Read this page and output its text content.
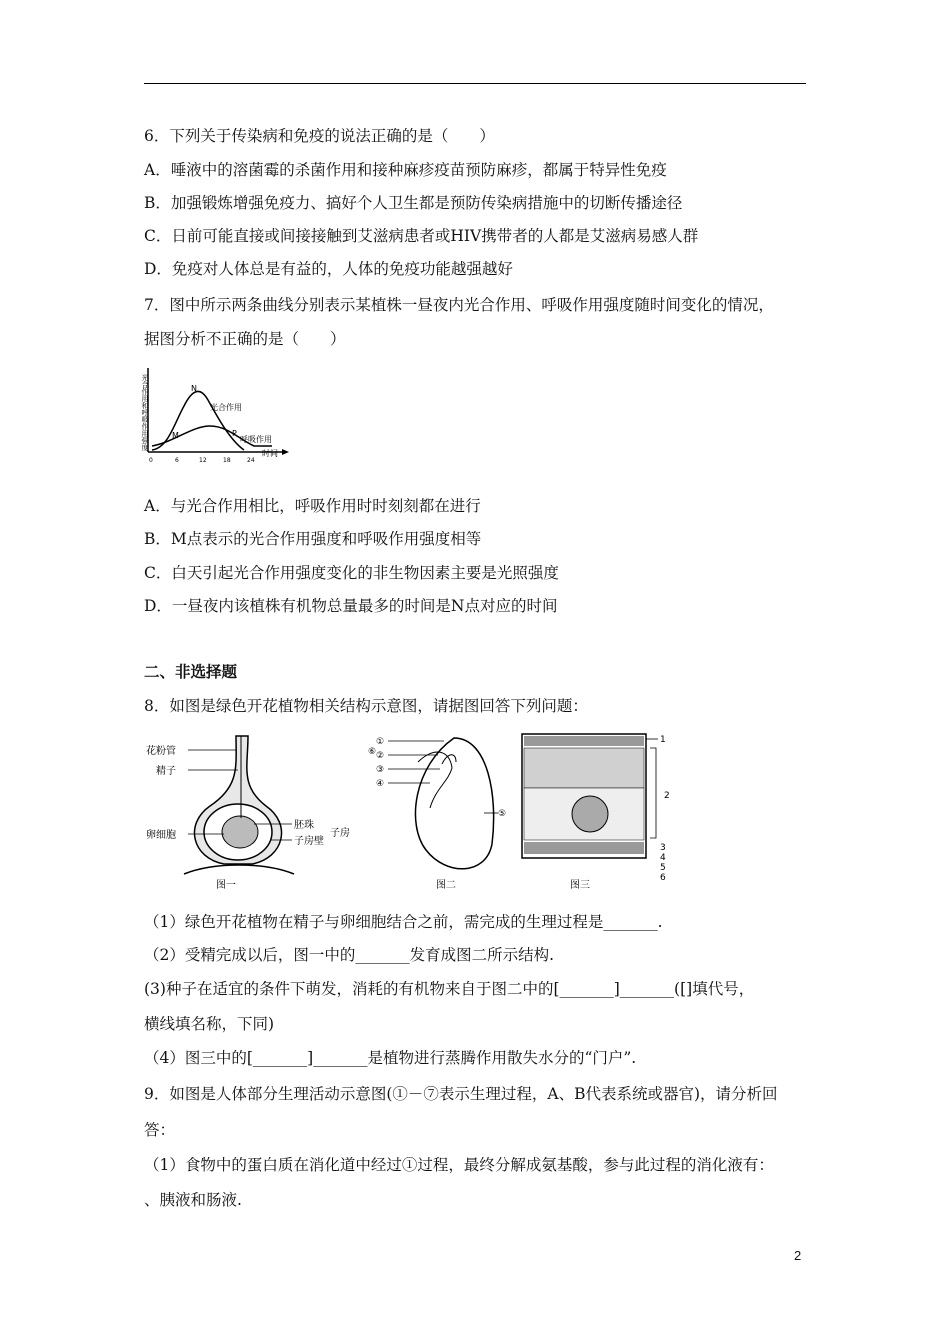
6．下列关于传染病和免疫的说法正确的是（　　）
A．唾液中的溶菌霉的杀菌作用和接种麻疹疫苗预防麻疹，都属于特异性免疫
B．加强锻炼增强免疫力、搞好个人卫生都是预防传染病措施中的切断传播途径
C．日前可能直接或间接接触到艾滋病患者或HIV携带者的人都是艾滋病易感人群
D．免疫对人体总是有益的，人体的免疫功能越强越好
7．图中所示两条曲线分别表示某植株一昼夜内光合作用、呼吸作用强度随时间变化的情况，
据图分析不正确的是（　　）
光合作用和呼吸作用强度	M
N
P
光合作用
呼吸作用
时间
0	6	12	18	24
A．与光合作用相比，呼吸作用时时刻刻都在进行
B．M点表示的光合作用强度和呼吸作用强度相等
C．白天引起光合作用强度变化的非生物因素主要是光照强度
D．一昼夜内该植株有机物总量最多的时间是N点对应的时间
二、非选择题
8．如图是绿色开花植物相关结构示意图，请据图回答下列问题：
花粉管
精子
卵细胞
胚珠
子房壁
子房
图一
①
②
③
④
⑤
⑥
图二
1
2
3
4
5
6
图三
（1）绿色开花植物在精子与卵细胞结合之前，需完成的生理过程是_______.
（2）受精完成以后，图一中的_______发育成图二所示结构.
(3)种子在适宜的条件下萌发，消耗的有机物来自于图二中的[_______]_______([]填代号，
横线填名称，下同)
（4）图三中的[_______]_______是植物进行蒸腾作用散失水分的“门户”.
9．如图是人体部分生理活动示意图(①－⑦表示生理过程，A、B代表系统或器官)，请分析回
答：
（1）食物中的蛋白质在消化道中经过①过程，最终分解成氨基酸，参与此过程的消化液有：
、胰液和肠液.
2
